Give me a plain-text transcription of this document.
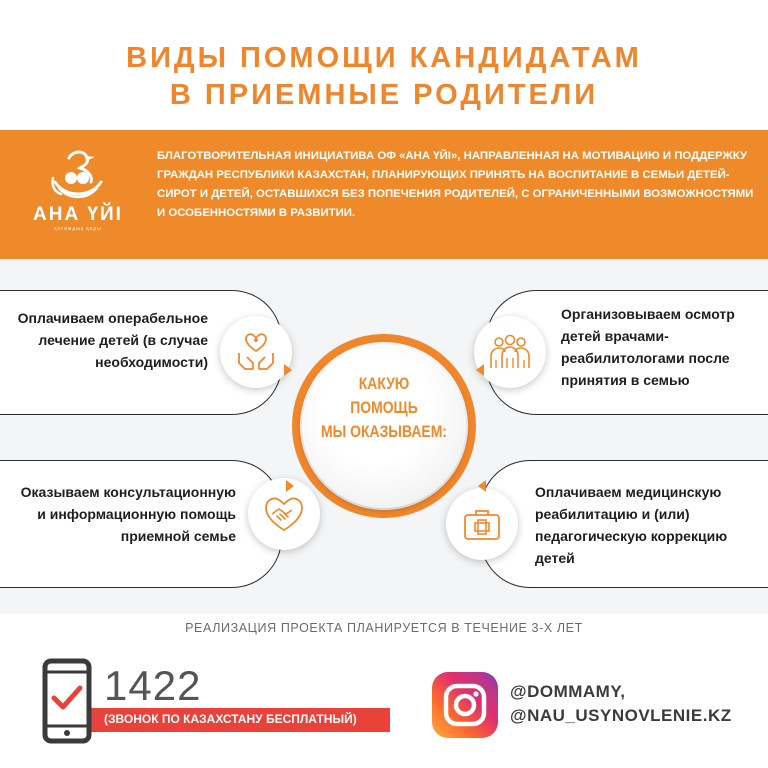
ВИДЫ ПОМОЩИ КАНДИДАТАМ
В ПРИЕМНЫЕ РОДИТЕЛИ
АНА ҮЙІ
қоғамдық қоры
БЛАГОТВОРИТЕЛЬНАЯ ИНИЦИАТИВА ОФ «АНА ҮЙІ», НАПРАВЛЕННАЯ НА МОТИВАЦИЮ И ПОДДЕРЖКУ ГРАЖДАН РЕСПУБЛИКИ КАЗАХСТАН, ПЛАНИРУЮЩИХ ПРИНЯТЬ НА ВОСПИТАНИЕ В СЕМЬИ ДЕТЕЙ-СИРОТ И ДЕТЕЙ, ОСТАВШИХСЯ БЕЗ ПОПЕЧЕНИЯ РОДИТЕЛЕЙ, С ОГРАНИЧЕННЫМИ ВОЗМОЖНОСТЯМИ И ОСОБЕННОСТЯМИ В РАЗВИТИИ.
Оплачиваем операбельное лечение детей (в случае необходимости)
Организовываем осмотр детей врачами-реабилитологами после принятия в семью
Оказываем консультационную и информационную помощь приемной семье
Оплачиваем медицинскую реабилитацию и (или) педагогическую коррекцию детей
КАКУЮ
ПОМОЩЬ
МЫ ОКАЗЫВАЕМ:
РЕАЛИЗАЦИЯ ПРОЕКТА ПЛАНИРУЕТСЯ В ТЕЧЕНИЕ 3-Х ЛЕТ
1422
(ЗВОНОК ПО КАЗАХСТАНУ БЕСПЛАТНЫЙ)
@DOMMAMY,
@NAU_USYNOVLENIE.KZ
